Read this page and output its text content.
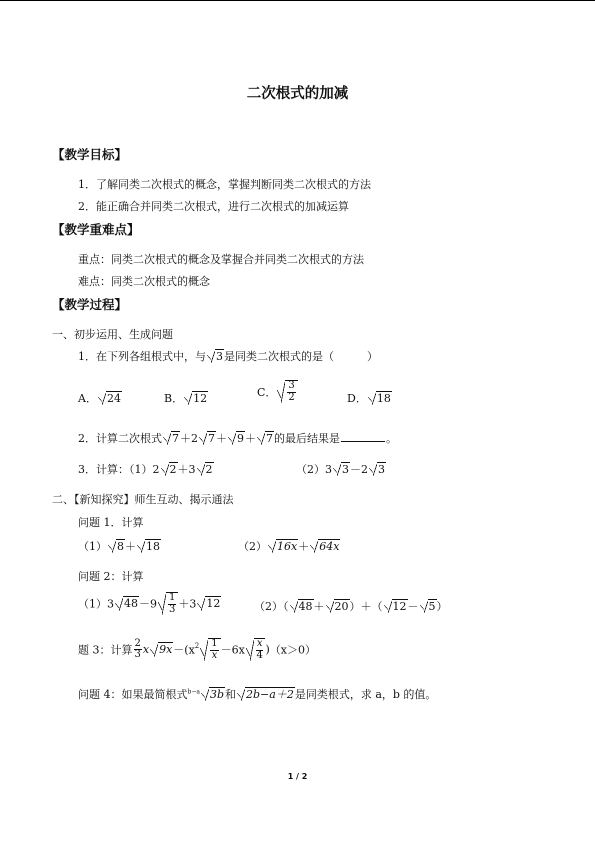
二次根式的加减
【教学目标】
1．了解同类二次根式的概念，掌握判断同类二次根式的方法
2．能正确合并同类二次根式，进行二次根式的加减运算
【教学重难点】
重点：同类二次根式的概念及掌握合并同类二次根式的方法
难点：同类二次根式的概念
【教学过程】
一、初步运用、生成问题
1．在下列各组根式中，与 3是同类二次根式的是（　　　）
A． 24	B． 12	C． $\frac{3}{2}$	D． 18
2．计算二次根式 7＋2 7＋ 9＋ 7的最后结果是	。
3．计算：（1）2 2＋3 2	（2）3 3－2 3
二、【新知探究】师生互动、揭示通法
问题 1．计算
（1） 8＋ 18	（2） 16x＋ 64x
问题 2：计算
（1）3 $48-9 \frac{1}{3} +3$ 12	（2）（ 48＋ 20）＋（ 12－ 5）
题 3：计算 $\frac{2}{3}$ x $9x-(x^2 \frac{1}{x} -6x \frac{x}{4} )(x>0)$
问题 4：如果最简根式$^{b-a}$ 3b和 2b−a＋2是同类根式，求 a，b 的值。
1 / 2
